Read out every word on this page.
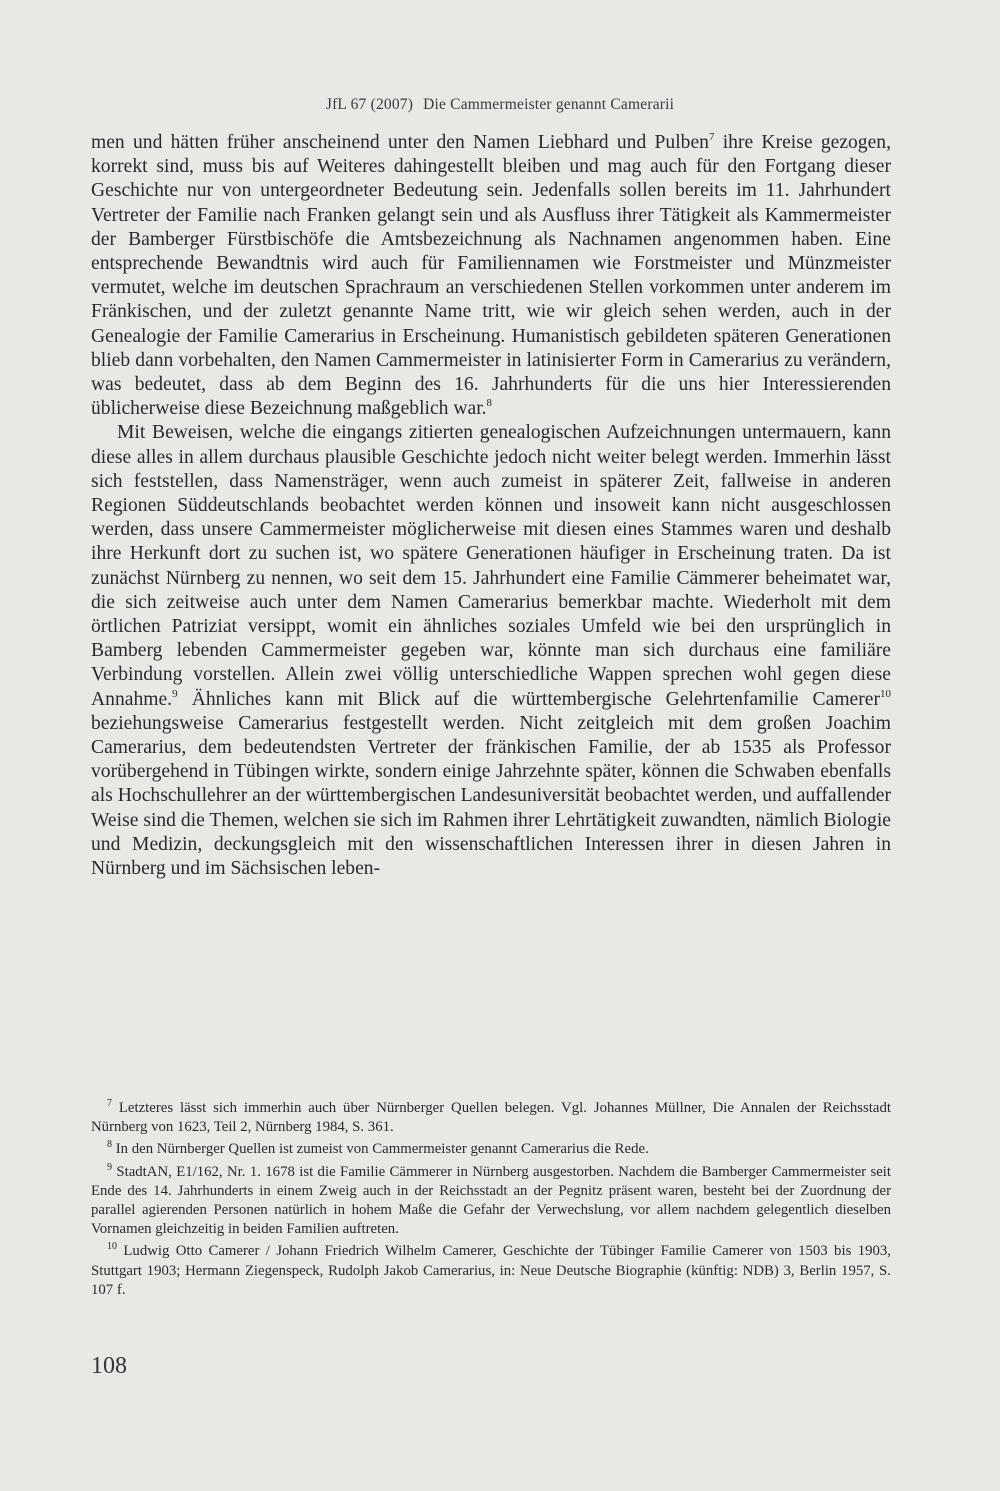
JfL 67 (2007) Die Cammermeister genannt Camerarii

men und hätten früher anscheinend unter den Namen Liebhard und Pulben$^7$ ihre Kreise gezogen, korrekt sind, muss bis auf Weiteres dahingestellt bleiben und mag auch für den Fortgang dieser Geschichte nur von untergeordneter Bedeutung sein. Jedenfalls sollen bereits im 11. Jahrhundert Vertreter der Familie nach Franken gelangt sein und als Ausfluss ihrer Tätigkeit als Kammermeister der Bamberger Fürstbischöfe die Amtsbezeichnung als Nachnamen angenommen haben. Eine entsprechende Bewandtnis wird auch für Familiennamen wie Forstmeister und Münzmeister vermutet, welche im deutschen Sprachraum an verschiedenen Stellen vorkommen unter anderem im Fränkischen, und der zuletzt genannte Name tritt, wie wir gleich sehen werden, auch in der Genealogie der Familie Camerarius in Erscheinung. Humanistisch gebildeten späteren Generationen blieb dann vorbehalten, den Namen Cammermeister in latinisierter Form in Camerarius zu verändern, was bedeutet, dass ab dem Beginn des 16. Jahrhunderts für die uns hier Interessierenden üblicherweise diese Bezeichnung maßgeblich war.$^8$

Mit Beweisen, welche die eingangs zitierten genealogischen Aufzeichnungen untermauern, kann diese alles in allem durchaus plausible Geschichte jedoch nicht weiter belegt werden. Immerhin lässt sich feststellen, dass Namensträger, wenn auch zumeist in späterer Zeit, fallweise in anderen Regionen Süddeutschlands beobachtet werden können und insoweit kann nicht ausgeschlossen werden, dass unsere Cammermeister möglicherweise mit diesen eines Stammes waren und deshalb ihre Herkunft dort zu suchen ist, wo spätere Generationen häufiger in Erscheinung traten. Da ist zunächst Nürnberg zu nennen, wo seit dem 15. Jahrhundert eine Familie Cämmerer beheimatet war, die sich zeitweise auch unter dem Namen Camerarius bemerkbar machte. Wiederholt mit dem örtlichen Patriziat versippt, womit ein ähnliches soziales Umfeld wie bei den ursprünglich in Bamberg lebenden Cammermeister gegeben war, könnte man sich durchaus eine familiäre Verbindung vorstellen. Allein zwei völlig unterschiedliche Wappen sprechen wohl gegen diese Annahme.$^9$ Ähnliches kann mit Blick auf die württembergische Gelehrtenfamilie Camerer$^{10}$ beziehungsweise Camerarius festgestellt werden. Nicht zeitgleich mit dem großen Joachim Camerarius, dem bedeutendsten Vertreter der fränkischen Familie, der ab 1535 als Professor vorübergehend in Tübingen wirkte, sondern einige Jahrzehnte später, können die Schwaben ebenfalls als Hochschullehrer an der württembergischen Landesuniversität beobachtet werden, und auffallender Weise sind die Themen, welchen sie sich im Rahmen ihrer Lehrtätigkeit zuwandten, nämlich Biologie und Medizin, deckungsgleich mit den wissenschaftlichen Interessen ihrer in diesen Jahren in Nürnberg und im Sächsischen leben-

$^7$ Letzteres lässt sich immerhin auch über Nürnberger Quellen belegen. Vgl. Johannes Müllner, Die Annalen der Reichsstadt Nürnberg von 1623, Teil 2, Nürnberg 1984, S. 361.

$^8$ In den Nürnberger Quellen ist zumeist von Cammermeister genannt Camerarius die Rede.

$^9$ StadtAN, E1/162, Nr. 1. 1678 ist die Familie Cämmerer in Nürnberg ausgestorben. Nachdem die Bamberger Cammermeister seit Ende des 14. Jahrhunderts in einem Zweig auch in der Reichsstadt an der Pegnitz präsent waren, besteht bei der Zuordnung der parallel agierenden Personen natürlich in hohem Maße die Gefahr der Verwechslung, vor allem nachdem gelegentlich dieselben Vornamen gleichzeitig in beiden Familien auftreten.

$^{10}$ Ludwig Otto Camerer / Johann Friedrich Wilhelm Camerer, Geschichte der Tübinger Familie Camerer von 1503 bis 1903, Stuttgart 1903; Hermann Ziegenspeck, Rudolph Jakob Camerarius, in: Neue Deutsche Biographie (künftig: NDB) 3, Berlin 1957, S. 107 f.

108
